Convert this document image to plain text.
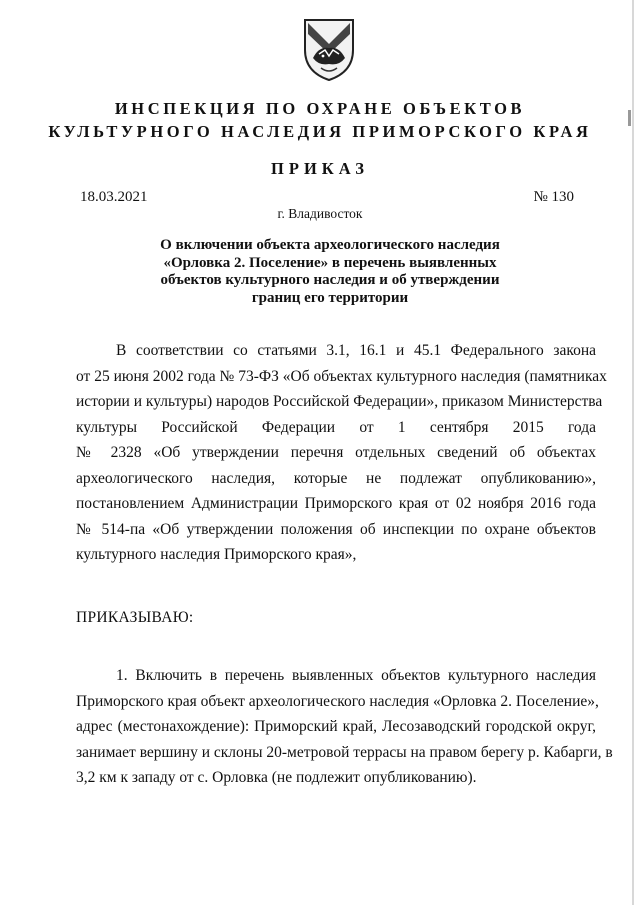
ИНСПЕКЦИЯ ПО ОХРАНЕ ОБЪЕКТОВ
КУЛЬТУРНОГО НАСЛЕДИЯ ПРИМОРСКОГО КРАЯ
ПРИКАЗ
18.03.2021	№ 130
г. Владивосток
О включении объекта археологического наследия
«Орловка 2. Поселение» в перечень выявленных
объектов культурного наследия и об утверждении
границ его территории
В соответствии со статьями 3.1, 16.1 и 45.1 Федерального закона
от 25 июня 2002 года № 73-ФЗ «Об объектах культурного наследия (памятниках
истории и культуры) народов Российской Федерации», приказом Министерства
культуры Российской Федерации от 1 сентября 2015 года
№ 2328 «Об утверждении перечня отдельных сведений об объектах
археологического наследия, которые не подлежат опубликованию»,
постановлением Администрации Приморского края от 02 ноября 2016 года
№ 514-па «Об утверждении положения об инспекции по охране объектов
культурного наследия Приморского края»,
ПРИКАЗЫВАЮ:
1. Включить в перечень выявленных объектов культурного наследия
Приморского края объект археологического наследия «Орловка 2. Поселение»,
адрес (местонахождение): Приморский край, Лесозаводский городской округ,
занимает вершину и склоны 20-метровой террасы на правом берегу р. Кабарги, в
3,2 км к западу от с. Орловка (не подлежит опубликованию).
